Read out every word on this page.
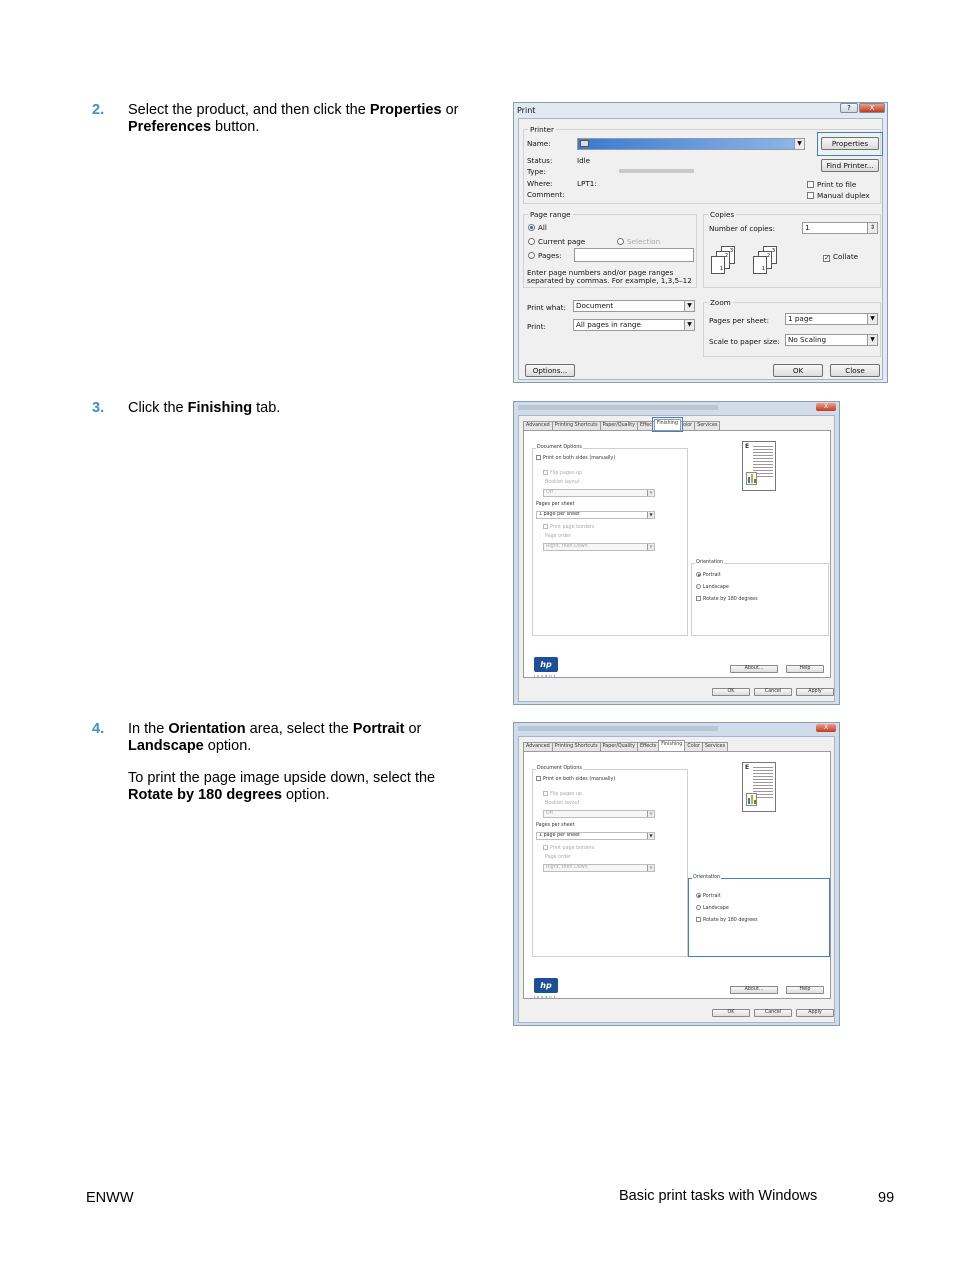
2. Select the product, and then click the Properties or Preferences button.

3. Click the Finishing tab.

4. In the Orientation area, select the Portrait or Landscape option.

To print the page image upside down, select the Rotate by 180 degrees option.

Print	?	X
Printer
Name:	▼	Properties
Status:	Idle
Type:
Where:	LPT1:
Comment:
Find Printer...
Print to file
Manual duplex
Page range
All
Current page	Selection
Pages:
Enter page numbers and/or page ranges
separated by commas. For example, 1,3,5–12
Copies
Number of copies:	1	⇕
3
2
1
3
2
1
✓ Collate
Print what:	Document	▼
Print:	All pages in range	▼
Zoom
Pages per sheet:	1 page	▼
Scale to paper size:	No Scaling	▼
Options...	OK	Close
X
Advanced	Printing Shortcuts	Paper/Quality	Effec	Finishing	olor	Services
Document Options
Print on both sides (manually)
Flip pages up
Booklet layout
Off	▼
Pages per sheet
1 page per sheet	▼
Print page borders
Page order
Right, then Down	▼
E
Orientation
Portrait
Landscape
Rotate by 180 degrees
hp
invent
About...	Help
OK	Cancel	Apply
X
Advanced	Printing Shortcuts	Paper/Quality	Effects	Finishing	Color	Services
Document Options
Print on both sides (manually)
Flip pages up
Booklet layout
Off	▼
Pages per sheet
1 page per sheet	▼
Print page borders
Page order
Right, then Down	▼
E
Orientation
Portrait
Landscape
Rotate by 180 degrees
hp
invent
About...	Help
OK	Cancel	Apply
ENWW	Basic print tasks with Windows	99
